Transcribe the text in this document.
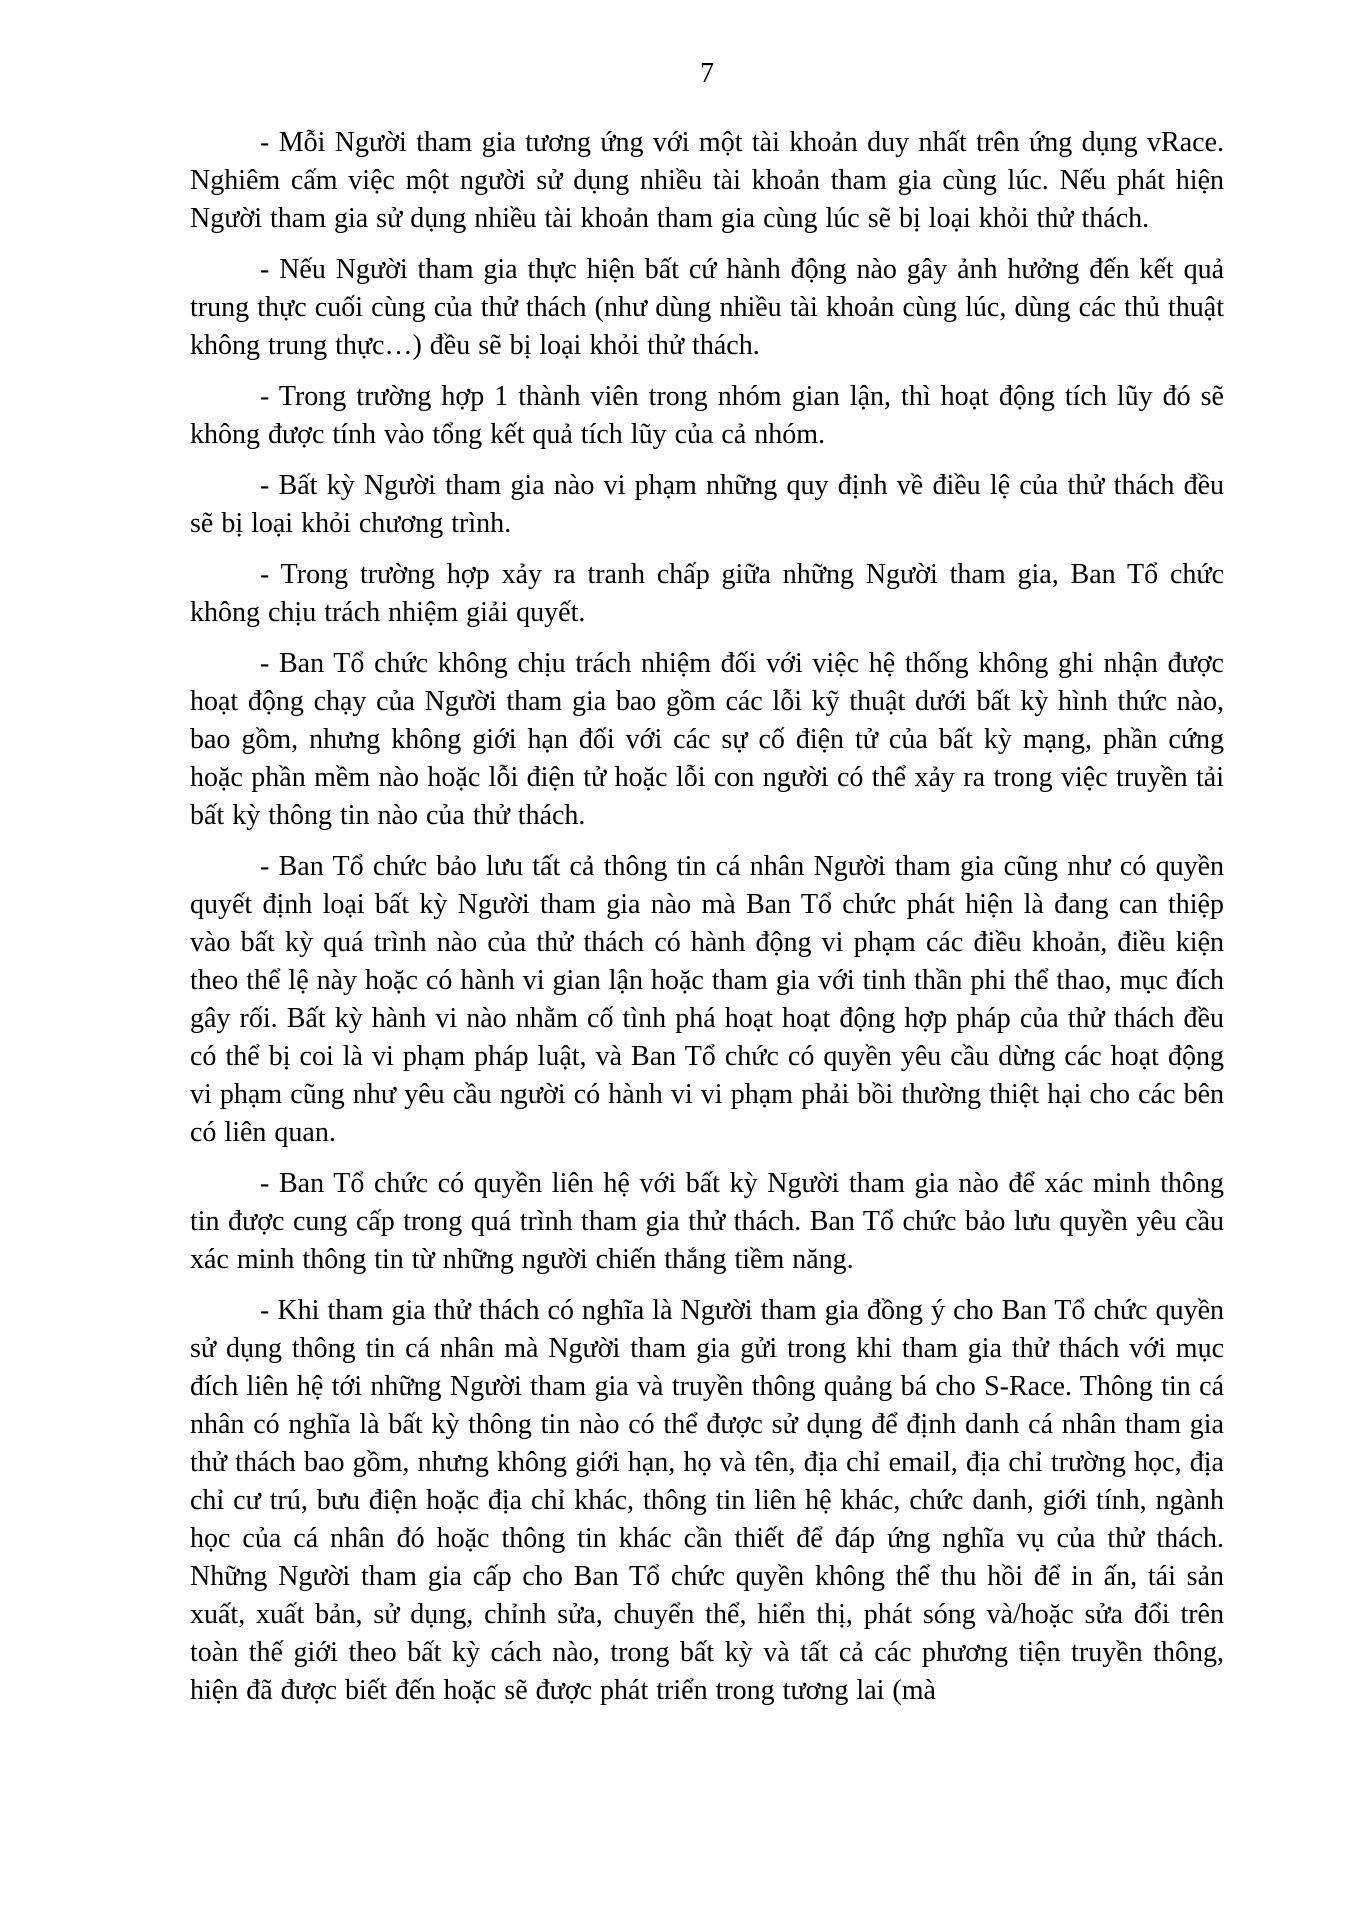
7

- Mỗi Người tham gia tương ứng với một tài khoản duy nhất trên ứng dụng vRace. Nghiêm cấm việc một người sử dụng nhiều tài khoản tham gia cùng lúc. Nếu phát hiện Người tham gia sử dụng nhiều tài khoản tham gia cùng lúc sẽ bị loại khỏi thử thách.

- Nếu Người tham gia thực hiện bất cứ hành động nào gây ảnh hưởng đến kết quả trung thực cuối cùng của thử thách (như dùng nhiều tài khoản cùng lúc, dùng các thủ thuật không trung thực…) đều sẽ bị loại khỏi thử thách.

- Trong trường hợp 1 thành viên trong nhóm gian lận, thì hoạt động tích lũy đó sẽ không được tính vào tổng kết quả tích lũy của cả nhóm.

- Bất kỳ Người tham gia nào vi phạm những quy định về điều lệ của thử thách đều sẽ bị loại khỏi chương trình.

- Trong trường hợp xảy ra tranh chấp giữa những Người tham gia, Ban Tổ chức không chịu trách nhiệm giải quyết.

- Ban Tổ chức không chịu trách nhiệm đối với việc hệ thống không ghi nhận được hoạt động chạy của Người tham gia bao gồm các lỗi kỹ thuật dưới bất kỳ hình thức nào, bao gồm, nhưng không giới hạn đối với các sự cố điện tử của bất kỳ mạng, phần cứng hoặc phần mềm nào hoặc lỗi điện tử hoặc lỗi con người có thể xảy ra trong việc truyền tải bất kỳ thông tin nào của thử thách.

- Ban Tổ chức bảo lưu tất cả thông tin cá nhân Người tham gia cũng như có quyền quyết định loại bất kỳ Người tham gia nào mà Ban Tổ chức phát hiện là đang can thiệp vào bất kỳ quá trình nào của thử thách có hành động vi phạm các điều khoản, điều kiện theo thể lệ này hoặc có hành vi gian lận hoặc tham gia với tinh thần phi thể thao, mục đích gây rối. Bất kỳ hành vi nào nhằm cố tình phá hoạt hoạt động hợp pháp của thử thách đều có thể bị coi là vi phạm pháp luật, và Ban Tổ chức có quyền yêu cầu dừng các hoạt động vi phạm cũng như yêu cầu người có hành vi vi phạm phải bồi thường thiệt hại cho các bên có liên quan.

- Ban Tổ chức có quyền liên hệ với bất kỳ Người tham gia nào để xác minh thông tin được cung cấp trong quá trình tham gia thử thách. Ban Tổ chức bảo lưu quyền yêu cầu xác minh thông tin từ những người chiến thắng tiềm năng.

- Khi tham gia thử thách có nghĩa là Người tham gia đồng ý cho Ban Tổ chức quyền sử dụng thông tin cá nhân mà Người tham gia gửi trong khi tham gia thử thách với mục đích liên hệ tới những Người tham gia và truyền thông quảng bá cho S-Race. Thông tin cá nhân có nghĩa là bất kỳ thông tin nào có thể được sử dụng để định danh cá nhân tham gia thử thách bao gồm, nhưng không giới hạn, họ và tên, địa chỉ email, địa chỉ trường học, địa chỉ cư trú, bưu điện hoặc địa chỉ khác, thông tin liên hệ khác, chức danh, giới tính, ngành học của cá nhân đó hoặc thông tin khác cần thiết để đáp ứng nghĩa vụ của thử thách. Những Người tham gia cấp cho Ban Tổ chức quyền không thể thu hồi để in ấn, tái sản xuất, xuất bản, sử dụng, chỉnh sửa, chuyển thể, hiển thị, phát sóng và/hoặc sửa đổi trên toàn thế giới theo bất kỳ cách nào, trong bất kỳ và tất cả các phương tiện truyền thông, hiện đã được biết đến hoặc sẽ được phát triển trong tương lai (mà
